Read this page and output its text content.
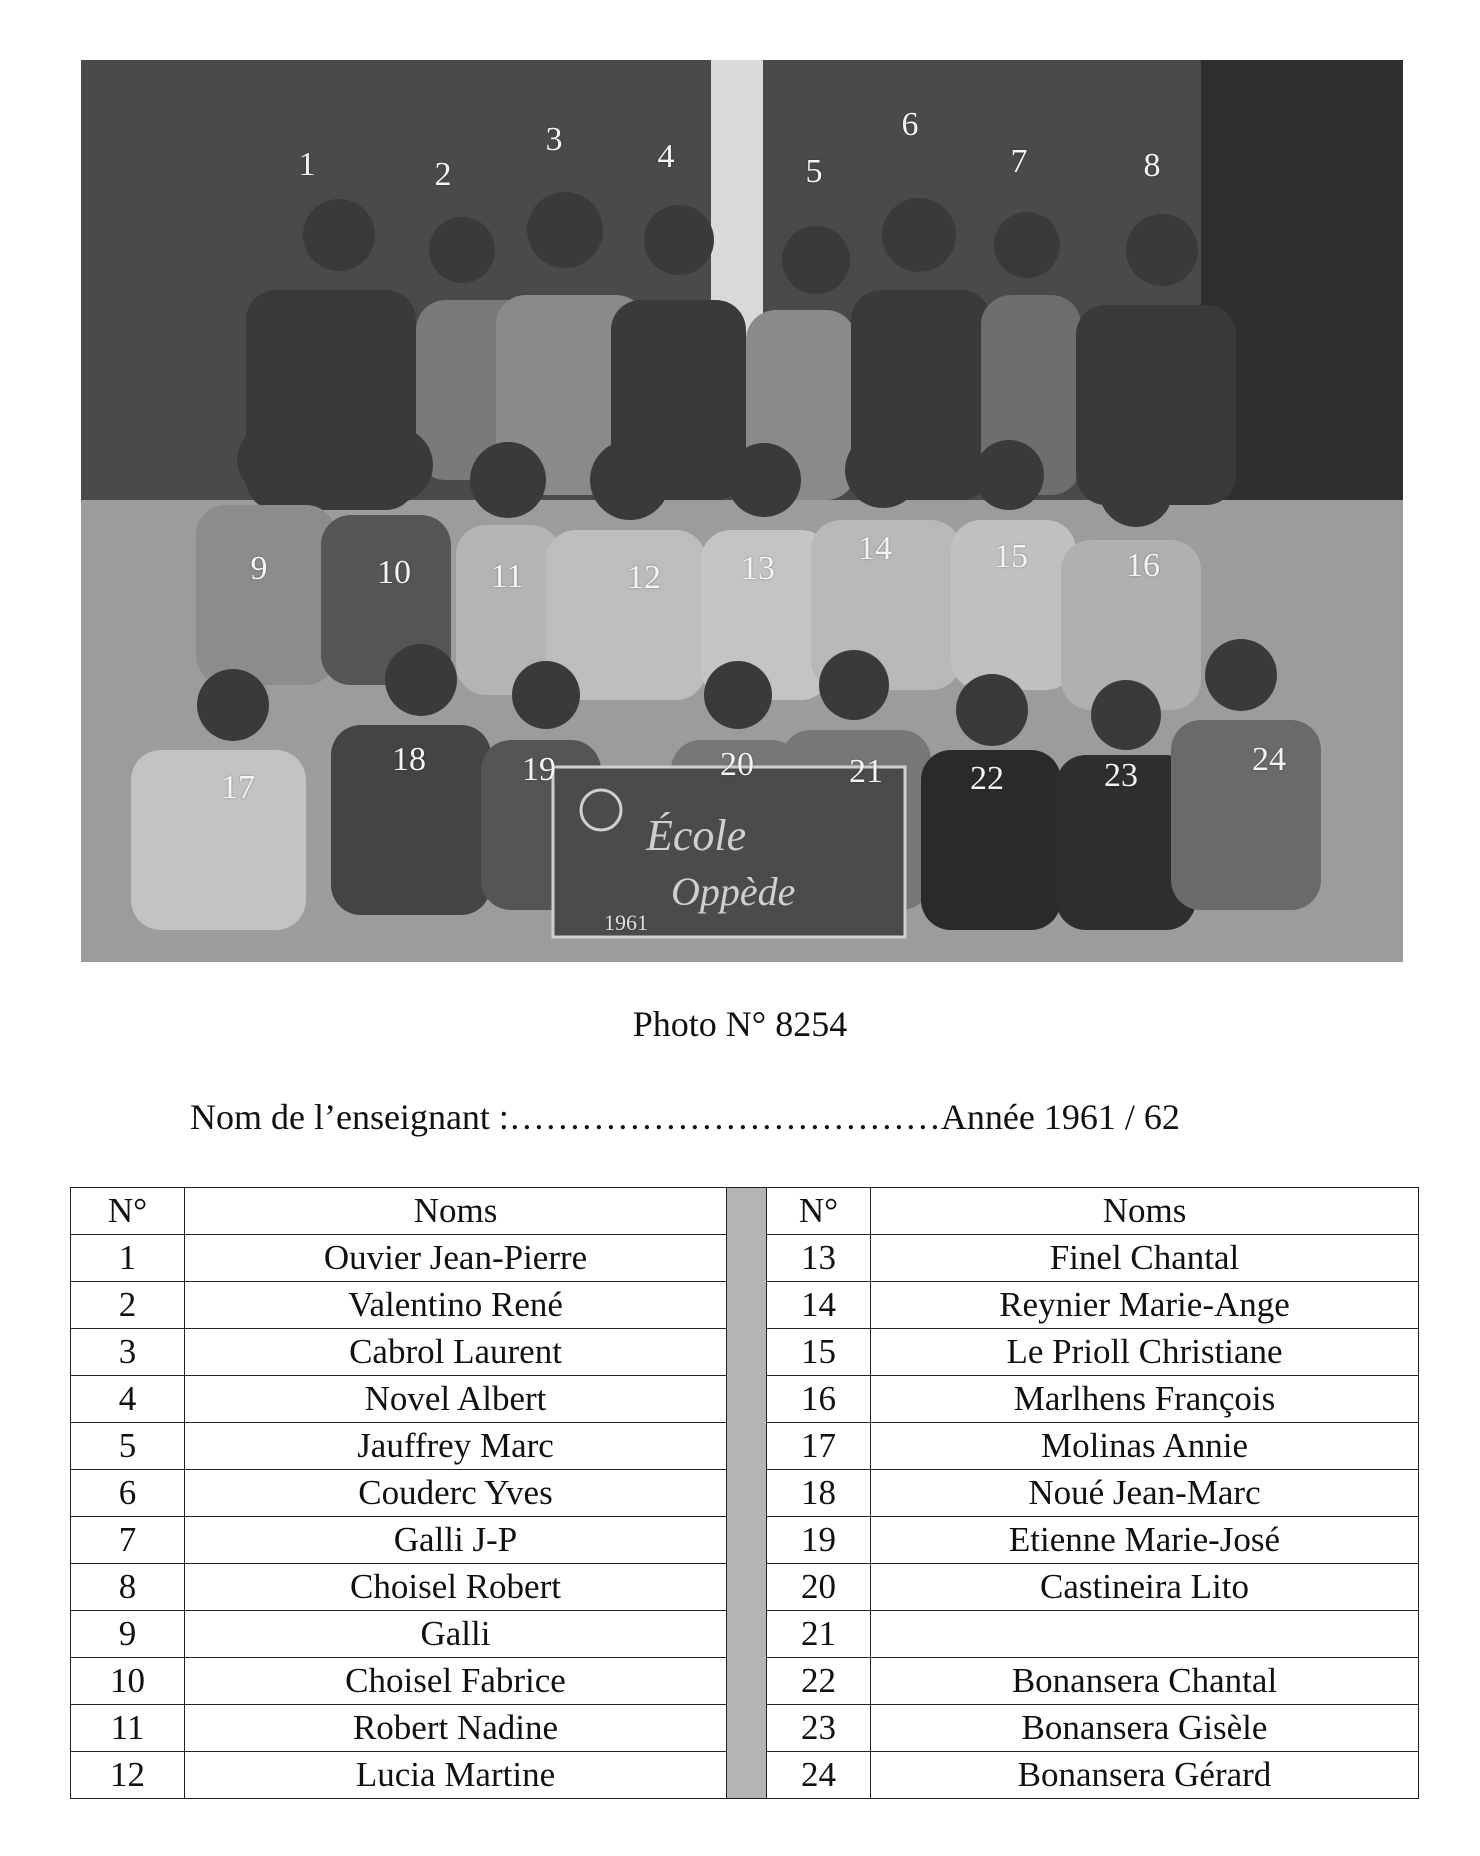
École
Oppède
1961
1	2
3	4	5
6
7	8
9	10 11	12 13
14	15	16
17
18	19	20	21	22	23	24
Photo N° 8254
Nom de l’enseignant :………………………………Année 1961 / 62
N°	Noms		N°	Noms
1	Ouvier Jean-Pierre		13	Finel Chantal
2	Valentino René		14	Reynier Marie-Ange
3	Cabrol Laurent		15	Le Prioll Christiane
4	Novel Albert		16	Marlhens François
5	Jauffrey Marc		17	Molinas Annie
6	Couderc Yves		18	Noué Jean-Marc
7	Galli J-P		19	Etienne Marie-José
8	Choisel Robert		20	Castineira Lito
9	Galli		21	
10	Choisel Fabrice		22	Bonansera Chantal
11	Robert Nadine		23	Bonansera Gisèle
12	Lucia Martine		24	Bonansera Gérard
